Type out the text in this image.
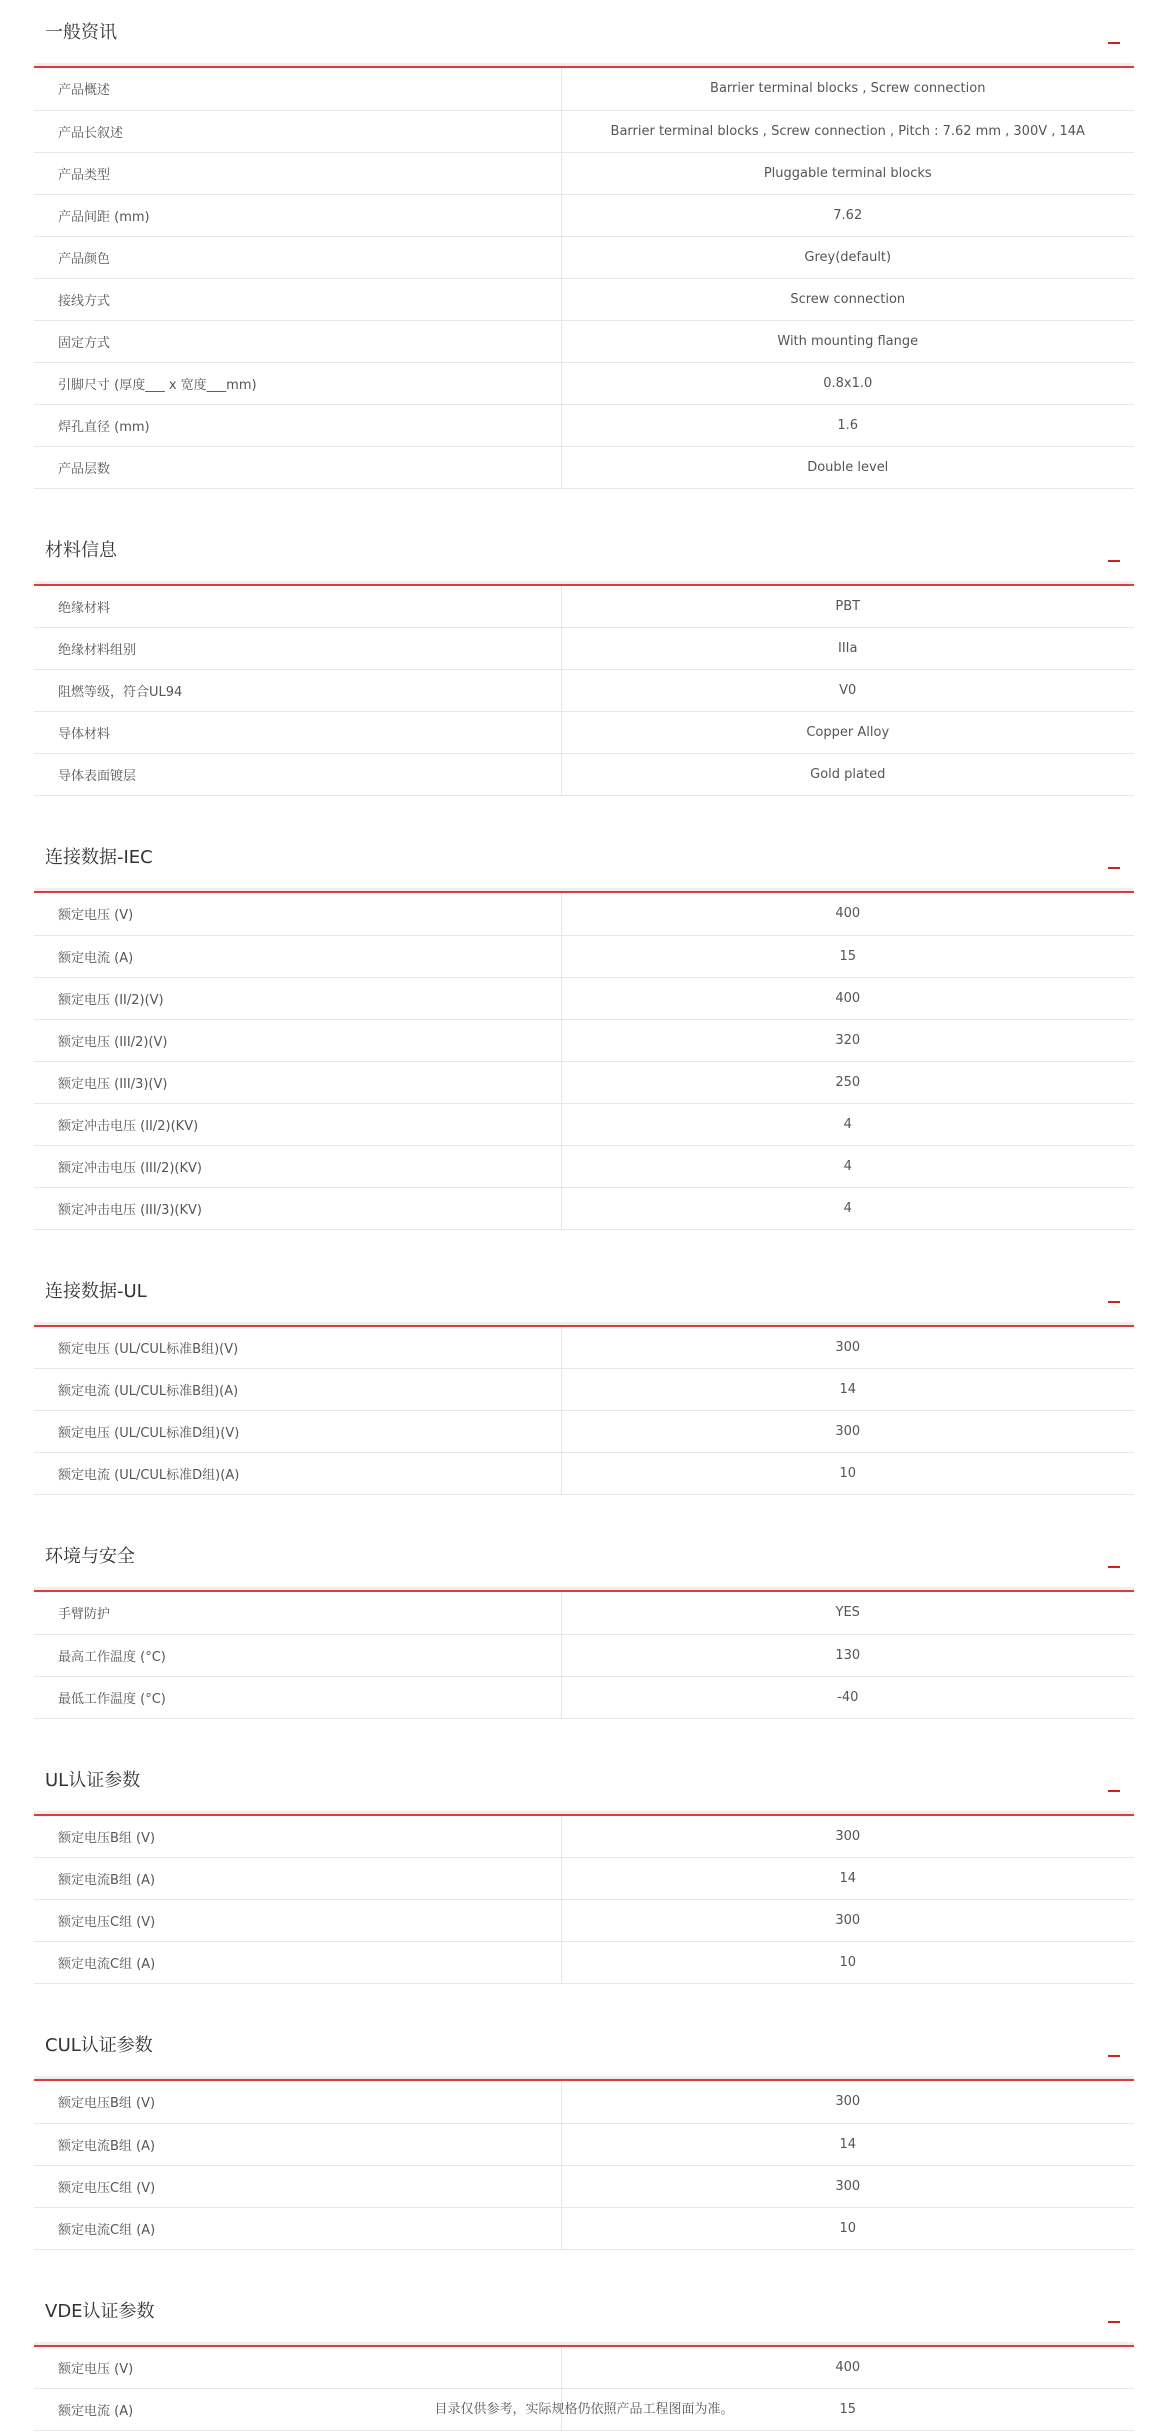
一般资讯
产品概述	Barrier terminal blocks , Screw connection
产品长叙述	Barrier terminal blocks , Screw connection , Pitch : 7.62 mm , 300V , 14A
产品类型	Pluggable terminal blocks
产品间距 (mm)	7.62
产品颜色	Grey(default)
接线方式	Screw connection
固定方式	With mounting flange
引脚尺寸 (厚度___ x 宽度___mm)	0.8x1.0
焊孔直径 (mm)	1.6
产品层数	Double level
材料信息
绝缘材料	PBT
绝缘材料组别	IIIa
阻燃等级，符合UL94	V0
导体材料	Copper Alloy
导体表面镀层	Gold plated
连接数据-IEC
额定电压 (V)	400
额定电流 (A)	15
额定电压 (II/2)(V)	400
额定电压 (III/2)(V)	320
额定电压 (III/3)(V)	250
额定冲击电压 (II/2)(KV)	4
额定冲击电压 (III/2)(KV)	4
额定冲击电压 (III/3)(KV)	4
连接数据-UL
额定电压 (UL/CUL标准B组)(V)	300
额定电流 (UL/CUL标准B组)(A)	14
额定电压 (UL/CUL标准D组)(V)	300
额定电流 (UL/CUL标准D组)(A)	10
环境与安全
手臂防护	YES
最高工作温度 (°C)	130
最低工作温度 (°C)	-40
UL认证参数
额定电压B组 (V)	300
额定电流B组 (A)	14
额定电压C组 (V)	300
额定电流C组 (A)	10
CUL认证参数
额定电压B组 (V)	300
额定电流B组 (A)	14
额定电压C组 (V)	300
额定电流C组 (A)	10
VDE认证参数
额定电压 (V)	400
额定电流 (A)	15
目录仅供参考，实际规格仍依照产品工程图面为准。
